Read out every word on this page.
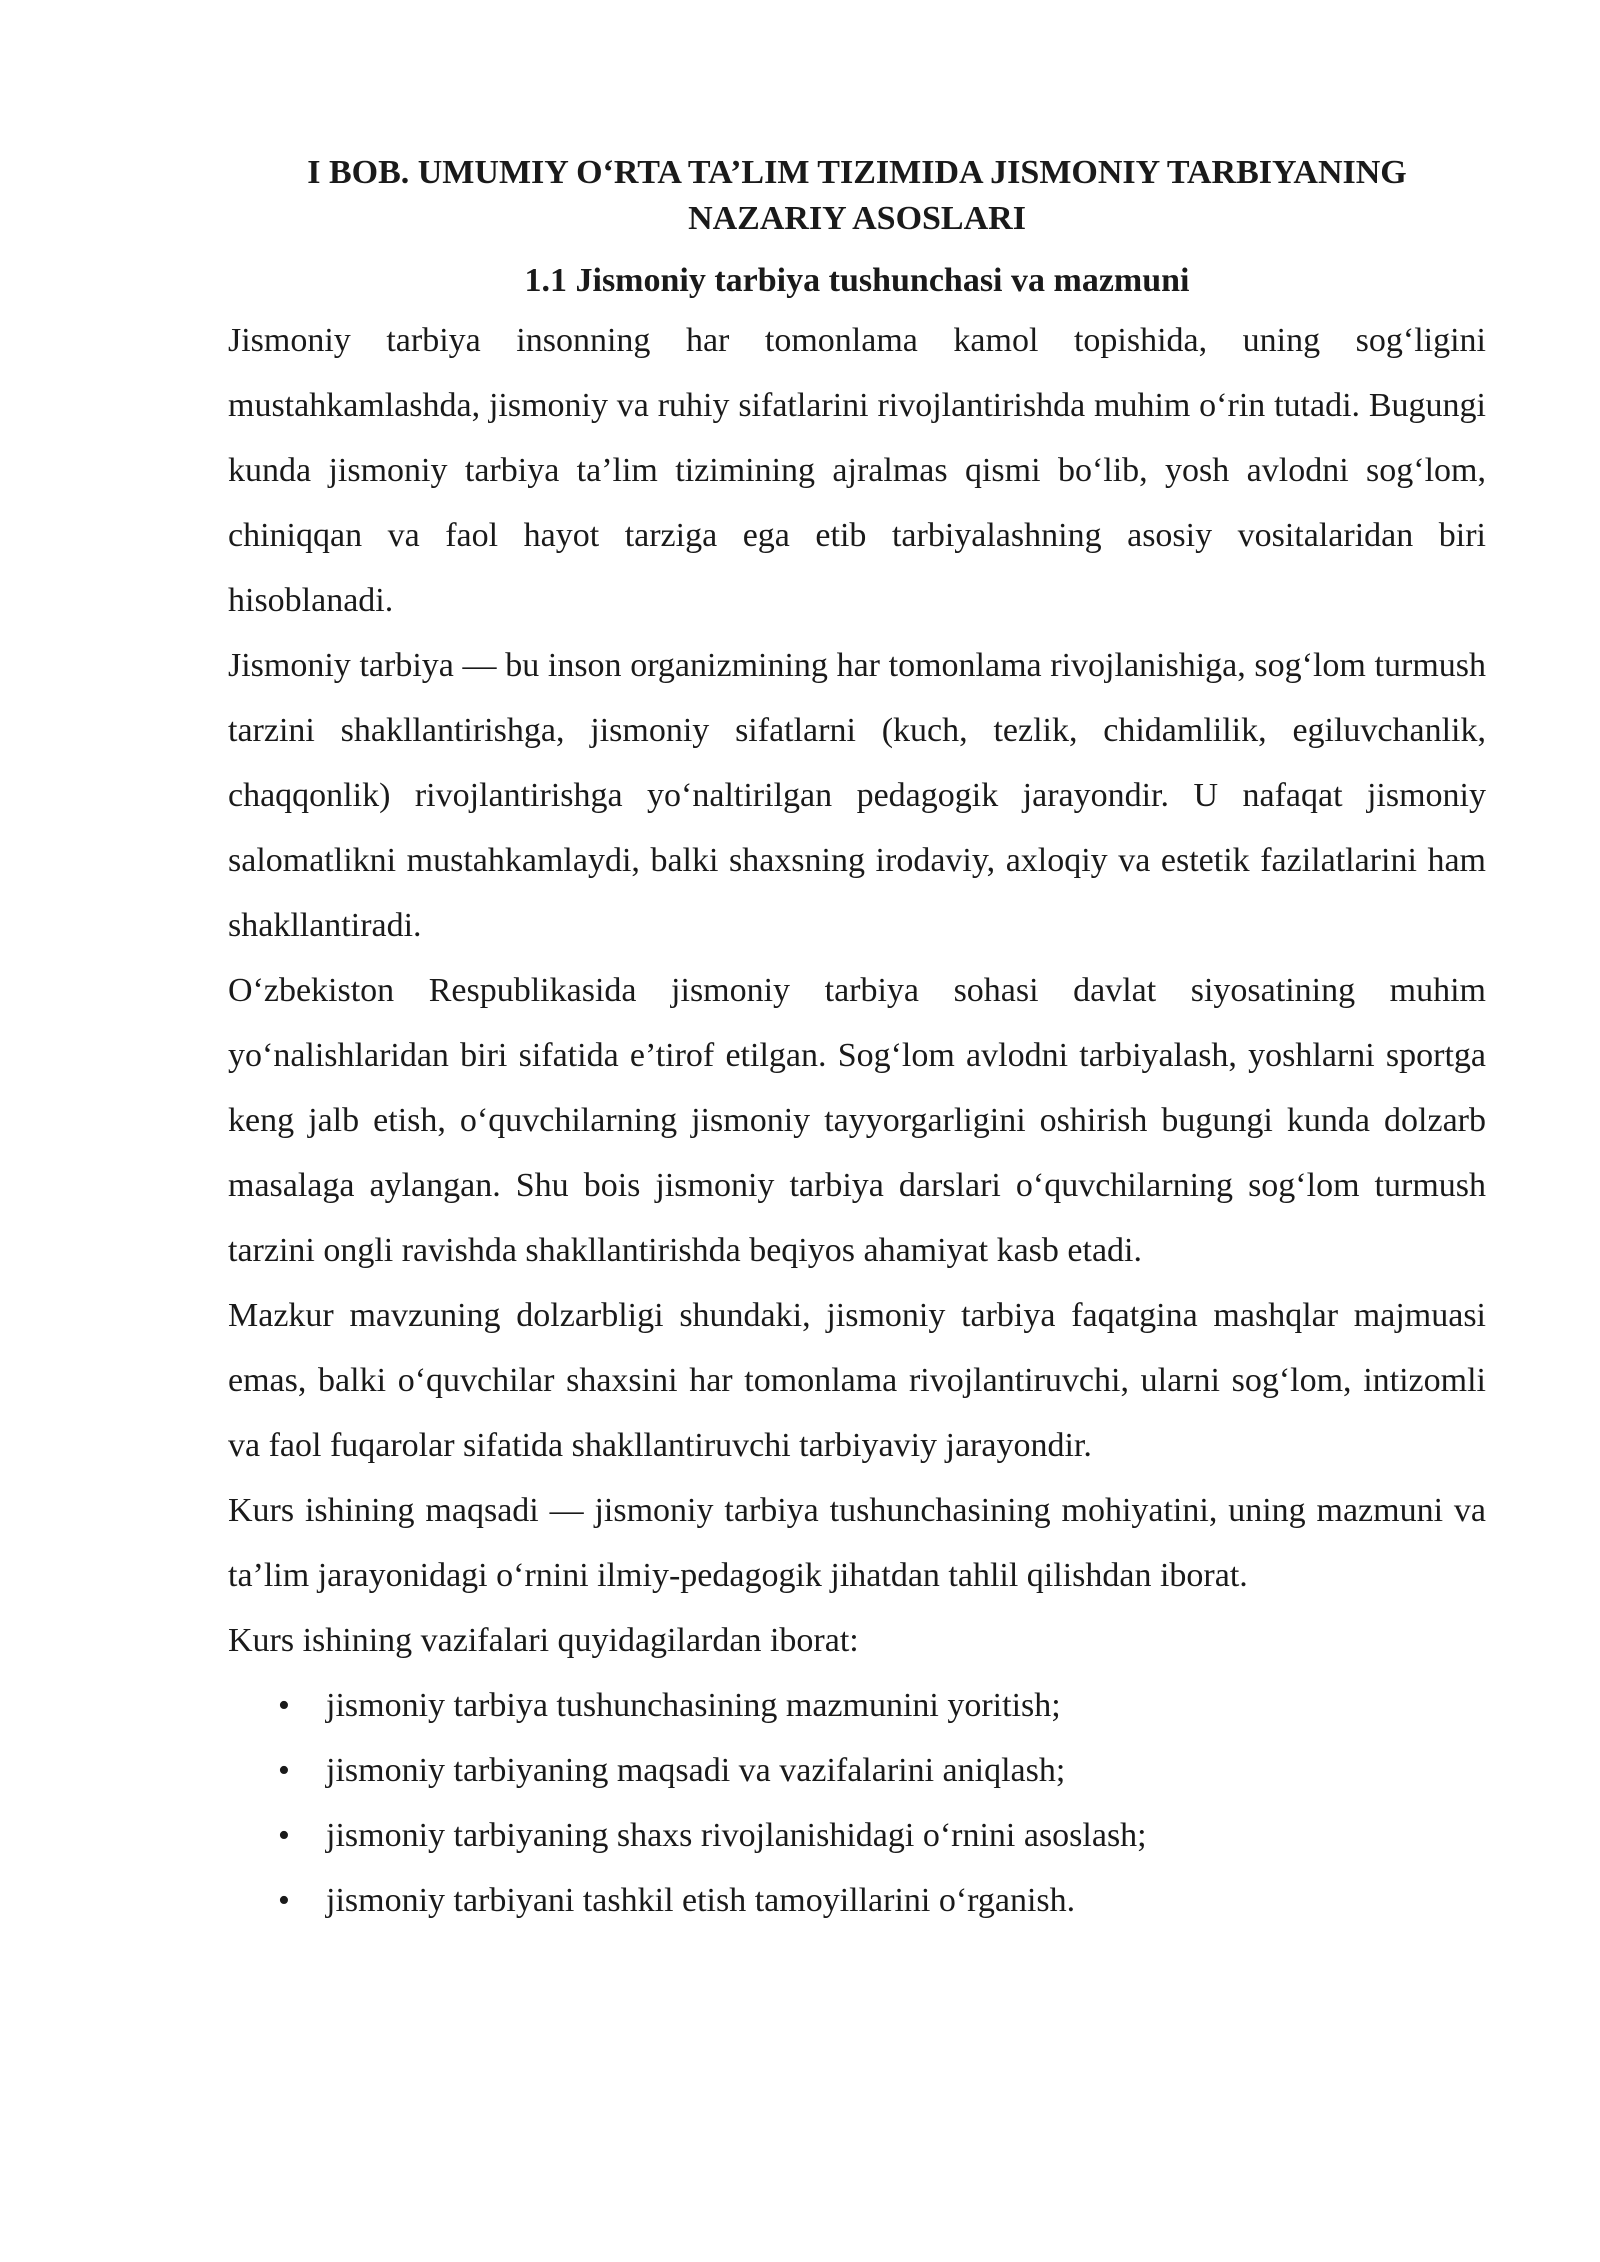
I BOB. UMUMIY O‘RTA TA’LIM TIZIMIDA JISMONIY TARBIYANING NAZARIY ASOSLARI
1.1 Jismoniy tarbiya tushunchasi va mazmuni

Jismoniy tarbiya insonning har tomonlama kamol topishida, uning sog‘ligini mustahkamlashda, jismoniy va ruhiy sifatlarini rivojlantirishda muhim o‘rin tutadi. Bugungi kunda jismoniy tarbiya ta’lim tizimining ajralmas qismi bo‘lib, yosh avlodni sog‘lom, chiniqqan va faol hayot tarziga ega etib tarbiyalashning asosiy vositalaridan biri hisoblanadi.

Jismoniy tarbiya — bu inson organizmining har tomonlama rivojlanishiga, sog‘lom turmush tarzini shakllantirishga, jismoniy sifatlarni (kuch, tezlik, chidamlilik, egiluvchanlik, chaqqonlik) rivojlantirishga yo‘naltirilgan pedagogik jarayondir. U nafaqat jismoniy salomatlikni mustahkamlaydi, balki shaxsning irodaviy, axloqiy va estetik fazilatlarini ham shakllantiradi.

O‘zbekiston Respublikasida jismoniy tarbiya sohasi davlat siyosatining muhim yo‘nalishlaridan biri sifatida e’tirof etilgan. Sog‘lom avlodni tarbiyalash, yoshlarni sportga keng jalb etish, o‘quvchilarning jismoniy tayyorgarligini oshirish bugungi kunda dolzarb masalaga aylangan. Shu bois jismoniy tarbiya darslari o‘quvchilarning sog‘lom turmush tarzini ongli ravishda shakllantirishda beqiyos ahamiyat kasb etadi.

Mazkur mavzuning dolzarbligi shundaki, jismoniy tarbiya faqatgina mashqlar majmuasi emas, balki o‘quvchilar shaxsini har tomonlama rivojlantiruvchi, ularni sog‘lom, intizomli va faol fuqarolar sifatida shakllantiruvchi tarbiyaviy jarayondir.

Kurs ishining maqsadi — jismoniy tarbiya tushunchasining mohiyatini, uning mazmuni va ta’lim jarayonidagi o‘rnini ilmiy-pedagogik jihatdan tahlil qilishdan iborat.

Kurs ishining vazifalari quyidagilardan iborat:

• jismoniy tarbiya tushunchasining mazmunini yoritish;
• jismoniy tarbiyaning maqsadi va vazifalarini aniqlash;
• jismoniy tarbiyaning shaxs rivojlanishidagi o‘rnini asoslash;
• jismoniy tarbiyani tashkil etish tamoyillarini o‘rganish.
